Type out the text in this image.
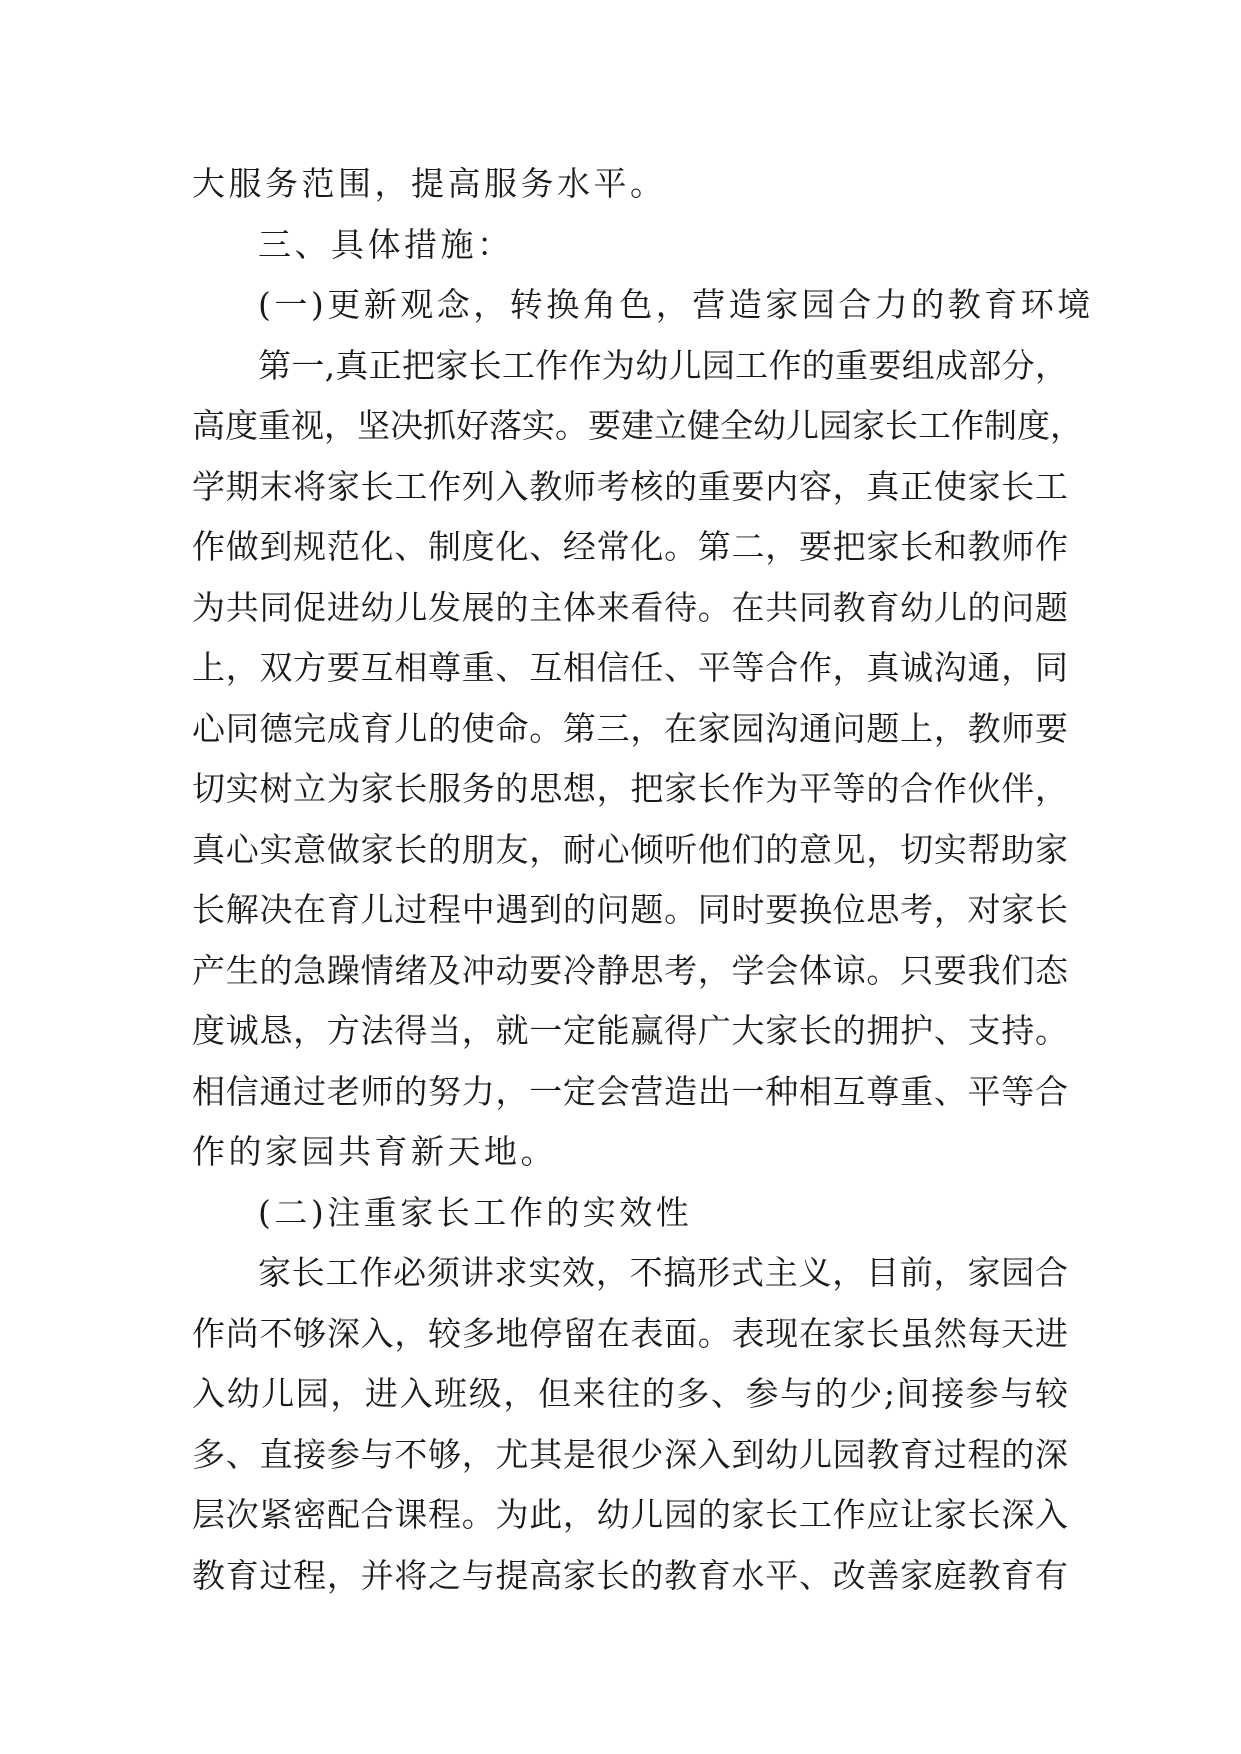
大服务范围，提高服务水平。
三、具体措施：
(一)更新观念，转换角色，营造家园合力的教育环境
第一,真正把家长工作作为幼儿园工作的重要组成部分，
高度重视，坚决抓好落实。要建立健全幼儿园家长工作制度，
学期末将家长工作列入教师考核的重要内容，真正使家长工
作做到规范化、制度化、经常化。第二，要把家长和教师作
为共同促进幼儿发展的主体来看待。在共同教育幼儿的问题
上，双方要互相尊重、互相信任、平等合作，真诚沟通，同
心同德完成育儿的使命。第三，在家园沟通问题上，教师要
切实树立为家长服务的思想，把家长作为平等的合作伙伴，
真心实意做家长的朋友，耐心倾听他们的意见，切实帮助家
长解决在育儿过程中遇到的问题。同时要换位思考，对家长
产生的急躁情绪及冲动要冷静思考，学会体谅。只要我们态
度诚恳，方法得当，就一定能赢得广大家长的拥护、支持。
相信通过老师的努力，一定会营造出一种相互尊重、平等合
作的家园共育新天地。
(二)注重家长工作的实效性
家长工作必须讲求实效，不搞形式主义，目前，家园合
作尚不够深入，较多地停留在表面。表现在家长虽然每天进
入幼儿园，进入班级，但来往的多、参与的少;间接参与较
多、直接参与不够，尤其是很少深入到幼儿园教育过程的深
层次紧密配合课程。为此，幼儿园的家长工作应让家长深入
教育过程，并将之与提高家长的教育水平、改善家庭教育有
